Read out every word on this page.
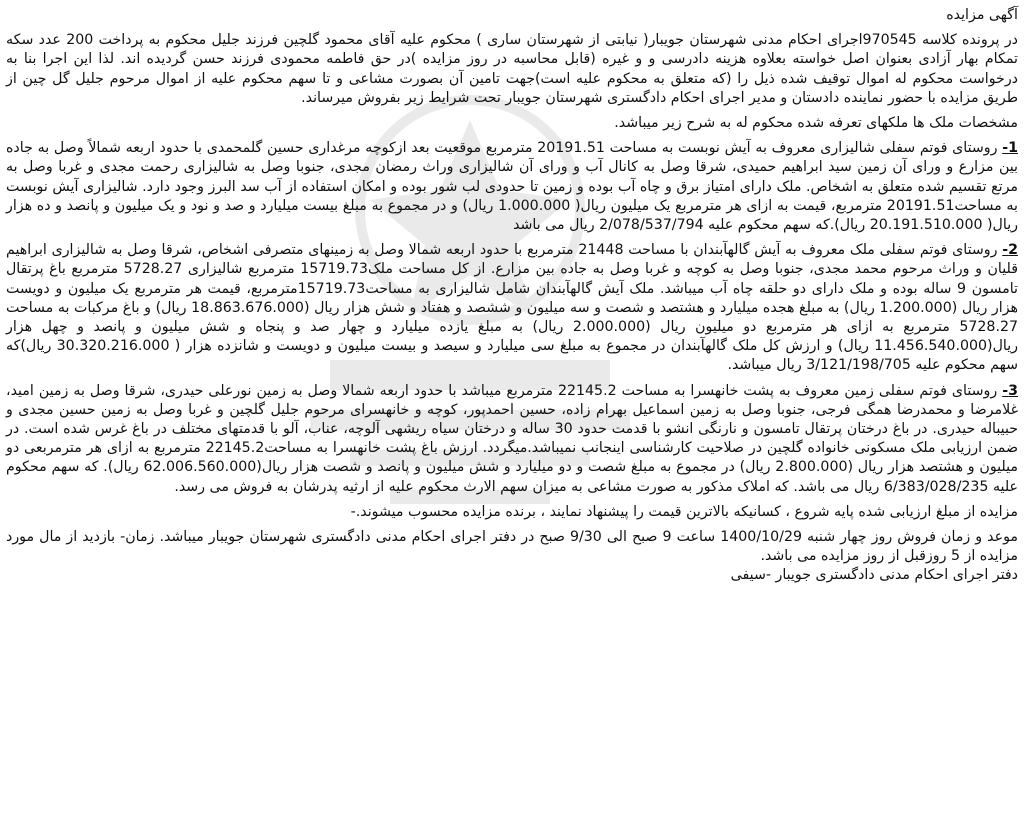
آگهی مزایده

در پرونده کلاسه 970545اجرای احکام مدنی شهرستان جویبار( نیابتی از شهرستان ساری ) محکوم علیه آقای محمود گلچین فرزند جلیل محکوم به پرداخت 200 عدد سکه تمکام بهار آزادی بعنوان اصل خواسته بعلاوه هزینه دادرسی و و غیره (قابل محاسبه در روز مزایده )در حق فاطمه محمودی فرزند حسن گردیده اند. لذا این اجرا بنا به درخواست محکوم له اموال توقیف شده ذیل را (که متعلق به محکوم علیه است)جهت تامین آن بصورت مشاعی و تا سهم محکوم علیه از اموال مرحوم جلیل گل چین از طریق مزایده با حضور نماینده دادستان و مدیر اجرای احکام دادگستری شهرستان جویبار تحت شرایط زیر بفروش میرساند.

مشخصات ملک ها ملکهای تعرفه شده محکوم له به شرح زیر میباشد.

1- روستای فوتم سفلی شالیزاری معروف به آیش نوبست به مساحت 20191.51 مترمربع موقعیت بعد ازکوچه مرغداری حسین گلمحمدی با حدود اربعه شمالاً وصل به جاده بین مزارع و ورای آن زمین سید ابراهیم حمیدی، شرقا وصل به کانال آب و ورای آن شالیزاری وراث رمضان مجدی، جنوبا وصل به شالیزاری رحمت مجدی و غربا وصل به مرتع تقسیم شده متعلق به اشخاص. ملک دارای امتیاز برق و چاه آب بوده و زمین تا حدودی لب شور بوده و امکان استفاده از آب سد البرز وجود دارد. شالیزاری آیش نوبست به مساحت20191.51 مترمربع، قیمت به ازای هر مترمربع یک میلیون ریال( 1.000.000 ریال) و در مجموع به مبلغ بیست میلیارد و صد و نود و یک میلیون و پانصد و ده هزار ریال( 20.191.510.000 ریال).که سهم محکوم علیه 2/078/537/794 ریال می باشد

2- روستای فوتم سفلی ملک معروف به آیش گالهآبندان با مساحت 21448 مترمربع با حدود اربعه شمالا وصل به زمینهای متصرفی اشخاص، شرقا وصل به شالیزاری ابراهیم قلیان و وراث مرحوم محمد مجدی، جنوبا وصل به کوچه و غربا وصل به جاده بین مزارع. از کل مساحت ملک15719.73 مترمربع شالیزاری 5728.27 مترمربع باغ پرتقال تامسون 9 ساله بوده و ملک دارای دو حلقه چاه آب میباشد. ملک آیش گالهآبندان شامل شالیزاری به مساحت15719.73مترمربع، قیمت هر مترمربع یک میلیون و دویست هزار ریال (1.200.000 ریال) به مبلغ هجده میلیارد و هشتصد و شصت و سه میلیون و ششصد و هفتاد و شش هزار ریال (18.863.676.000 ریال) و باغ مرکبات به مساحت 5728.27 مترمربع به ازای هر مترمربع دو میلیون ریال (2.000.000 ریال) به مبلغ یازده میلیارد و چهار صد و پنجاه و شش میلیون و پانصد و چهل هزار ریال(11.456.540.000 ریال) و ارزش کل ملک گالهآبندان در مجموع به مبلغ سی میلیارد و سیصد و بیست میلیون و دویست و شانزده هزار ( 30.320.216.000 ریال)که سهم محکوم علیه 3/121/198/705 ریال میباشد.

3- روستای فوتم سفلی زمین معروف به پشت خانهسرا به مساحت 22145.2 مترمربع میباشد با حدود اربعه شمالا وصل به زمین نورعلی حیدری، شرقا وصل به زمین امید، غلامرضا و محمدرضا همگی فرجی، جنوبا وصل به زمین اسماعیل بهرام زاده، حسین احمدپور، کوچه و خانهسرای مرحوم جلیل گلچین و غربا وصل به زمین حسین مجدی و حبیباله حیدری. در باغ درختان پرتقال تامسون و نارنگی انشو با قدمت حدود 30 ساله و درختان سیاه ریشهی آلوچه، عناب، آلو با قدمتهای مختلف در باغ غرس شده است. در ضمن ارزیابی ملک مسکونی خانواده گلچین در صلاحیت کارشناسی اینجانب نمیباشد.میگردد. ارزش باغ پشت خانهسرا به مساحت22145.2 مترمربع به ازای هر مترمربعی دو میلیون و هشتصد هزار ریال (2.800.000 ریال) در مجموع به مبلغ شصت و دو میلیارد و شش میلیون و پانصد و شصت هزار ریال(62.006.560.000 ریال). که سهم محکوم علیه 6/383/028/235 ریال می باشد. که املاک مذکور به صورت مشاعی به میزان سهم الارث محکوم علیه از ارثیه پدرشان به فروش می رسد.

مزایده از مبلغ ارزیابی شده پایه شروع ، کسانیکه بالاترین قیمت را پیشنهاد نمایند ، برنده مزایده محسوب میشوند.-

موعد و زمان فروش روز چهار شنبه 1400/10/29 ساعت 9 صبح الی 9/30 صبح در دفتر اجرای احکام مدنی دادگستری شهرستان جویبار میباشد. زمان- بازدید از مال مورد مزایده از 5 روزقبل از روز مزایده می باشد.

دفتر اجرای احکام مدنی دادگستری جویبار -سیفی
